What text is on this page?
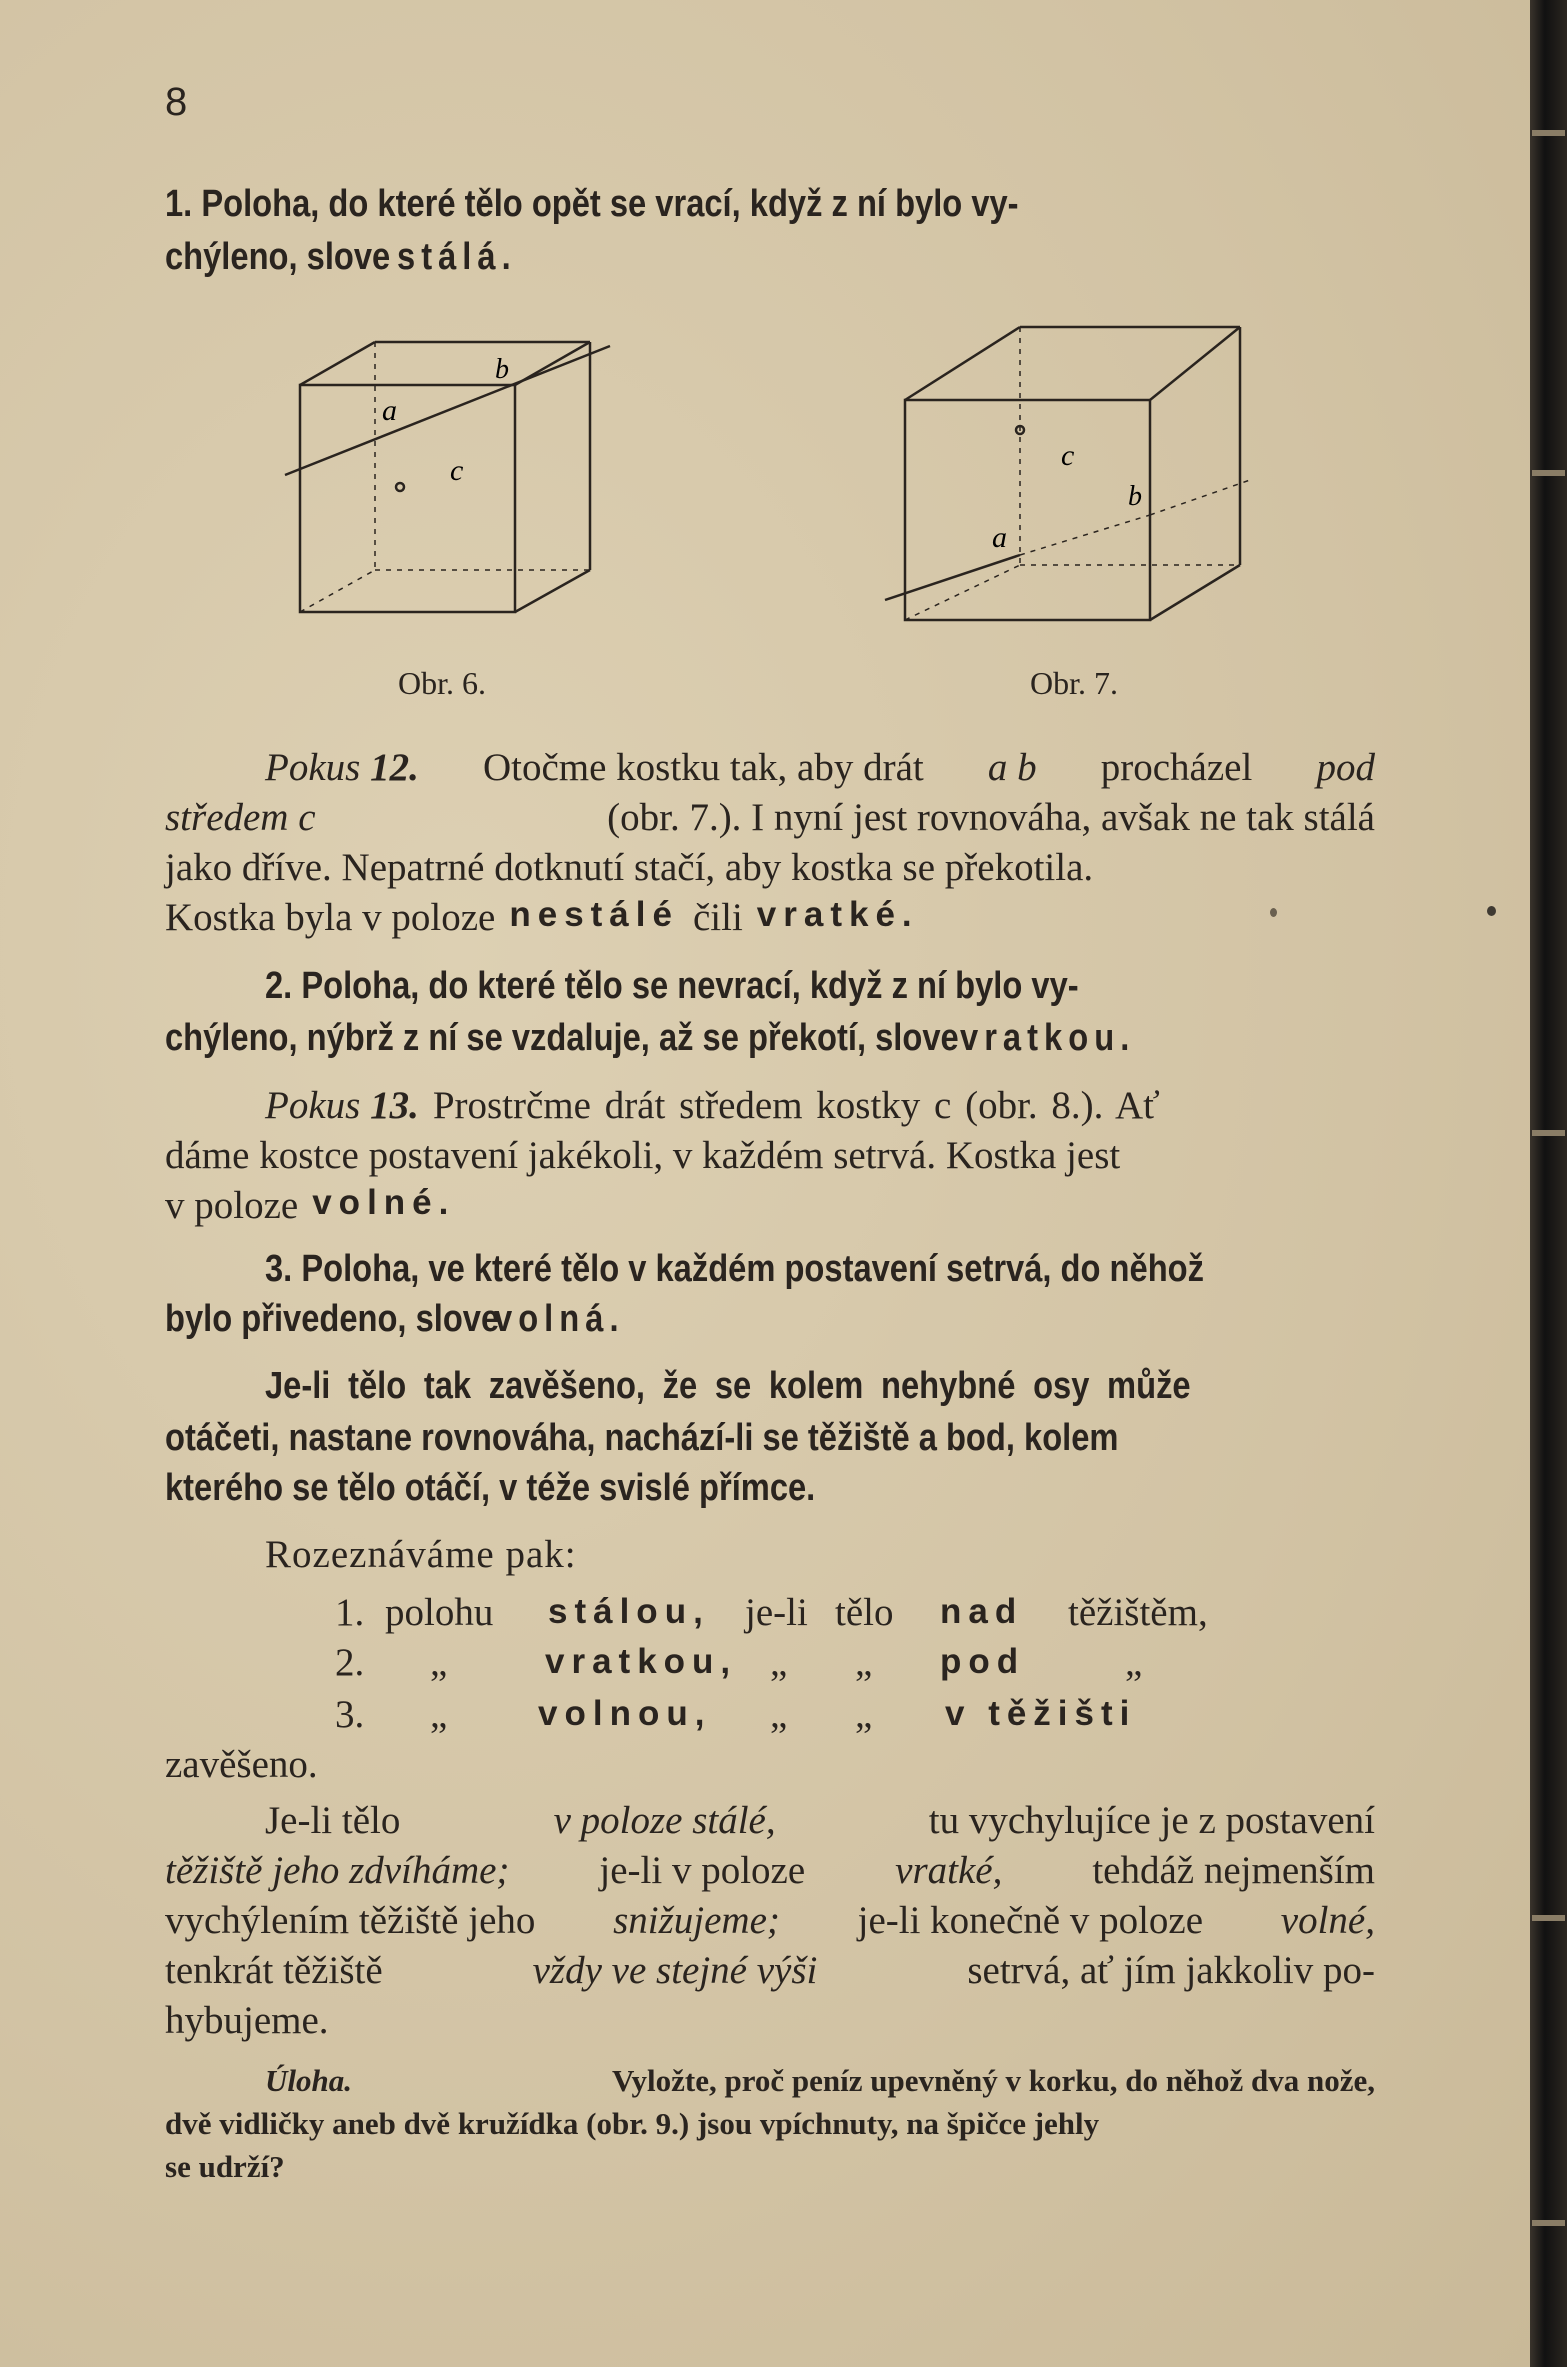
8
1. Poloha, do které tělo opět se vrací, když z ní bylo vy-
chýleno, slove stálá.
a
b
c
Obr. 6.
a
b
c
Obr. 7.
Pokus 12. Otočme kostku tak, aby drát a b procházel pod
středem c	(obr. 7.). I nyní jest rovnováha, avšak ne tak stálá
jako dříve. Nepatrné dotknutí stačí, aby kostka se překotila.
Kostka byla v poloze nestálé čili vratké.
2. Poloha, do které tělo se nevrací, když z ní bylo vy-
chýleno, nýbrž z ní se vzdaluje, až se překotí, slove vratkou.
Pokus 13. Prostrčme drát středem kostky c (obr. 8.). Ať
dáme kostce postavení jakékoli, v každém setrvá. Kostka jest
v poloze volné.
3. Poloha, ve které tělo v každém postavení setrvá, do něhož
bylo přivedeno, slove
volná.
Je-li tělo tak zavěšeno, že se kolem nehybné osy může
otáčeti, nastane rovnováha, nachází-li se těžiště a bod, kolem
kterého se tělo otáčí, v téže svislé přímce.
Rozeznáváme pak:
1. polohu stálou, je-li tělo nad těžištěm,
2. „	vratkou, „ „ pod	„
3. „	volnou, „ „ v těžišti
zavěšeno.
Je-li tělo	v poloze stálé,	tu vychylujíce je z postavení
těžiště jeho zdvíháme; je-li v poloze vratké, tehdáž nejmenším
vychýlením těžiště jeho snižujeme; je-li konečně v poloze volné,
tenkrát těžiště	vždy ve stejné výši	setrvá, ať jím jakkoliv po-
hybujeme.
Úloha.	Vyložte, proč peníz upevněný v korku, do něhož dva nože,
dvě vidličky aneb dvě kružídka (obr. 9.) jsou vpíchnuty, na špičce jehly
se udrží?
